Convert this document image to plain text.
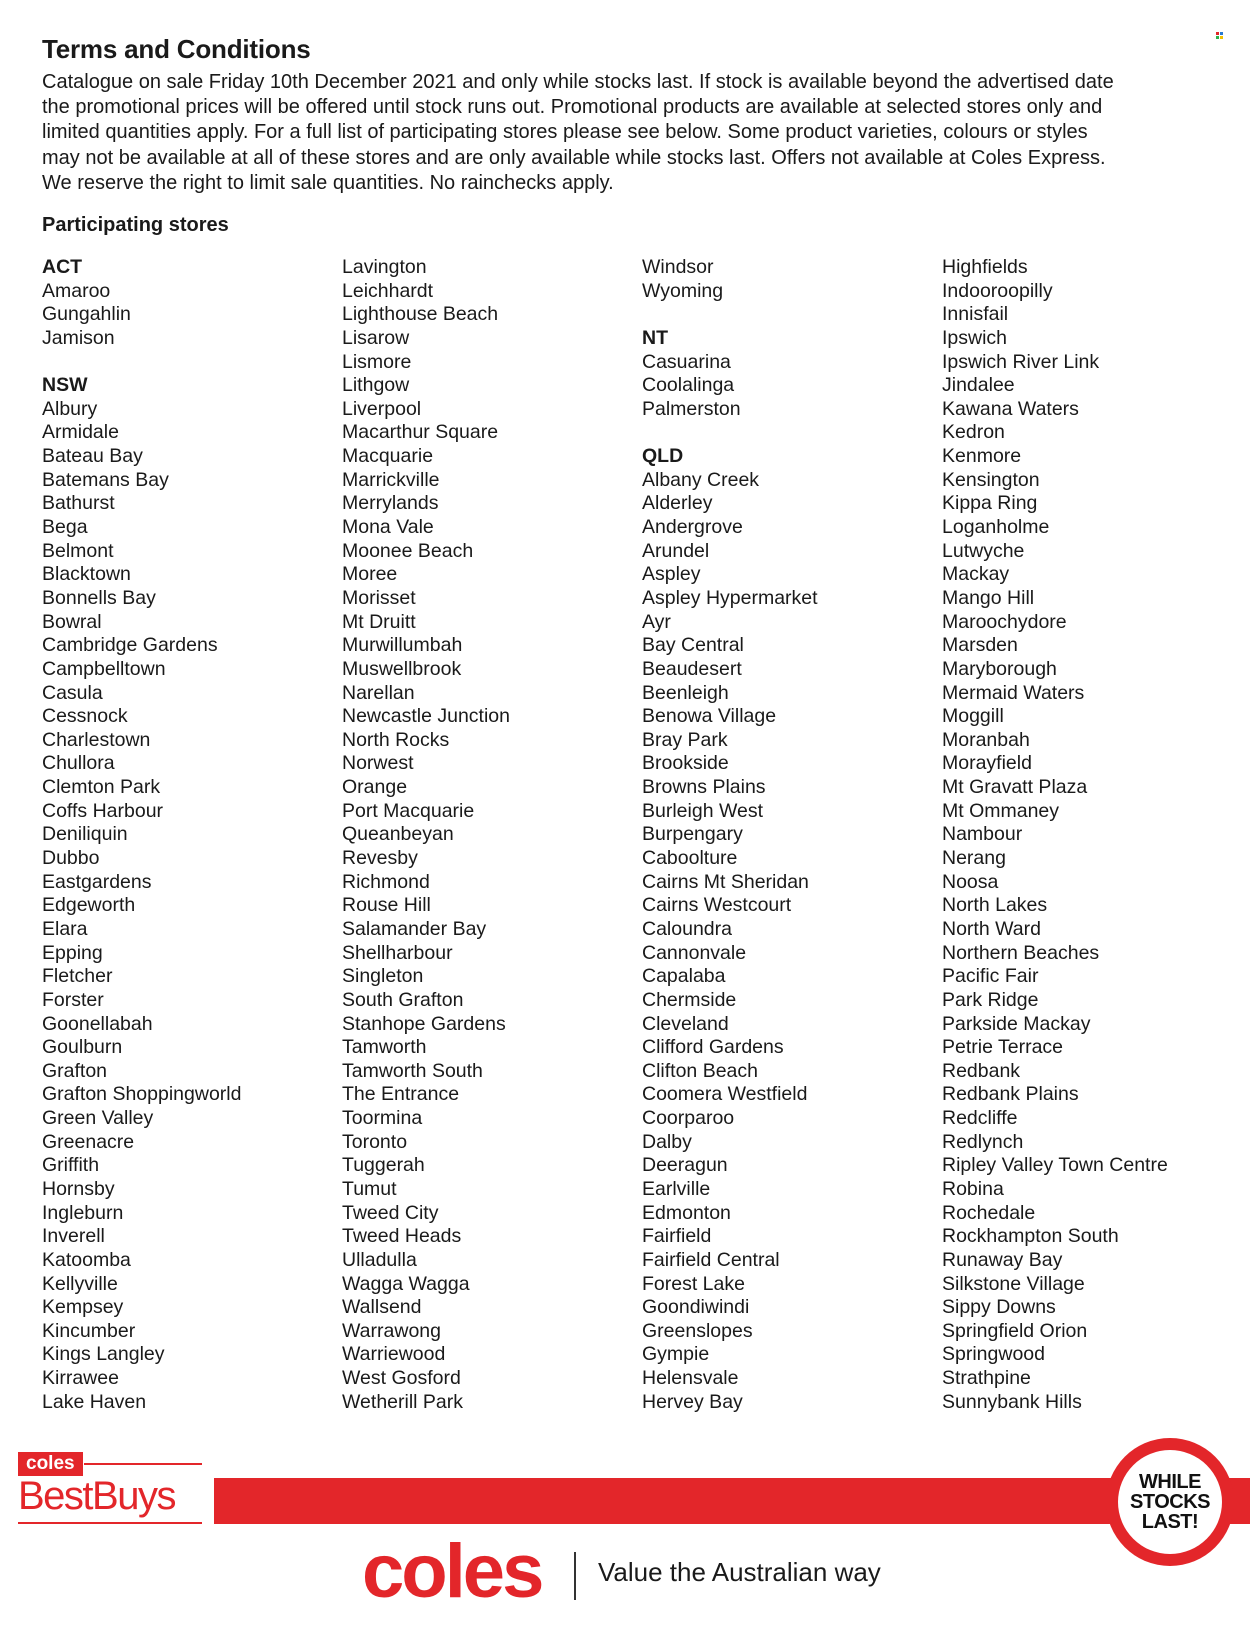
Terms and Conditions
Catalogue on sale Friday 10th December 2021 and only while stocks last. If stock is available beyond the advertised date
the promotional prices will be offered until stock runs out. Promotional products are available at selected stores only and
limited quantities apply. For a full list of participating stores please see below. Some product varieties, colours or styles
may not be available at all of these stores and are only available while stocks last. Offers not available at Coles Express.
We reserve the right to limit sale quantities. No rainchecks apply.
Participating stores
ACT
Amaroo
Gungahlin
Jamison
NSW
Albury
Armidale
Bateau Bay
Batemans Bay
Bathurst
Bega
Belmont
Blacktown
Bonnells Bay
Bowral
Cambridge Gardens
Campbelltown
Casula
Cessnock
Charlestown
Chullora
Clemton Park
Coffs Harbour
Deniliquin
Dubbo
Eastgardens
Edgeworth
Elara
Epping
Fletcher
Forster
Goonellabah
Goulburn
Grafton
Grafton Shoppingworld
Green Valley
Greenacre
Griffith
Hornsby
Ingleburn
Inverell
Katoomba
Kellyville
Kempsey
Kincumber
Kings Langley
Kirrawee
Lake Haven
Lavington
Leichhardt
Lighthouse Beach
Lisarow
Lismore
Lithgow
Liverpool
Macarthur Square
Macquarie
Marrickville
Merrylands
Mona Vale
Moonee Beach
Moree
Morisset
Mt Druitt
Murwillumbah
Muswellbrook
Narellan
Newcastle Junction
North Rocks
Norwest
Orange
Port Macquarie
Queanbeyan
Revesby
Richmond
Rouse Hill
Salamander Bay
Shellharbour
Singleton
South Grafton
Stanhope Gardens
Tamworth
Tamworth South
The Entrance
Toormina
Toronto
Tuggerah
Tumut
Tweed City
Tweed Heads
Ulladulla
Wagga Wagga
Wallsend
Warrawong
Warriewood
West Gosford
Wetherill Park
Windsor
Wyoming
NT
Casuarina
Coolalinga
Palmerston
QLD
Albany Creek
Alderley
Andergrove
Arundel
Aspley
Aspley Hypermarket
Ayr
Bay Central
Beaudesert
Beenleigh
Benowa Village
Bray Park
Brookside
Browns Plains
Burleigh West
Burpengary
Caboolture
Cairns Mt Sheridan
Cairns Westcourt
Caloundra
Cannonvale
Capalaba
Chermside
Cleveland
Clifford Gardens
Clifton Beach
Coomera Westfield
Coorparoo
Dalby
Deeragun
Earlville
Edmonton
Fairfield
Fairfield Central
Forest Lake
Goondiwindi
Greenslopes
Gympie
Helensvale
Hervey Bay
Highfields
Indooroopilly
Innisfail
Ipswich
Ipswich River Link
Jindalee
Kawana Waters
Kedron
Kenmore
Kensington
Kippa Ring
Loganholme
Lutwyche
Mackay
Mango Hill
Maroochydore
Marsden
Maryborough
Mermaid Waters
Moggill
Moranbah
Morayfield
Mt Gravatt Plaza
Mt Ommaney
Nambour
Nerang
Noosa
North Lakes
North Ward
Northern Beaches
Pacific Fair
Park Ridge
Parkside Mackay
Petrie Terrace
Redbank
Redbank Plains
Redcliffe
Redlynch
Ripley Valley Town Centre
Robina
Rochedale
Rockhampton South
Runaway Bay
Silkstone Village
Sippy Downs
Springfield Orion
Springwood
Strathpine
Sunnybank Hills
coles
BestBuys	WHILE
STOCKS
LAST!

coles Value the Australian way
